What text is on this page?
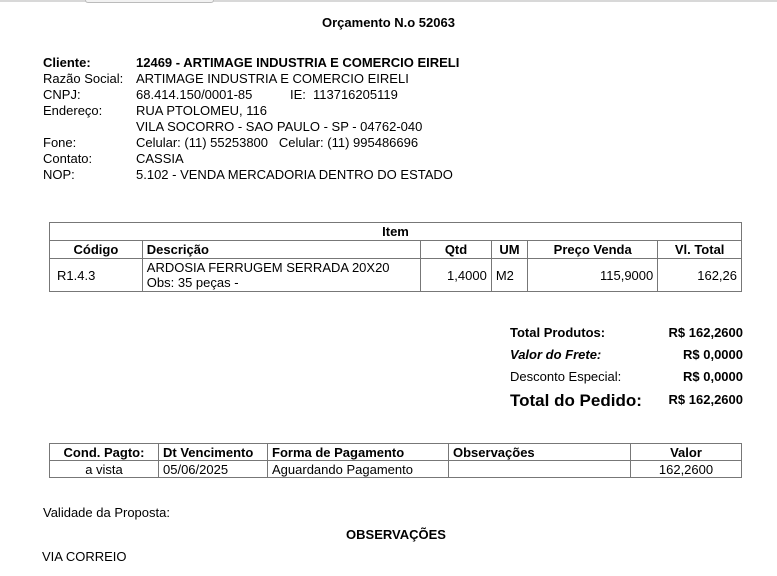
Orçamento N.o 52063
Cliente:	12469 - ARTIMAGE INDUSTRIA E COMERCIO EIRELI
Razão Social: ARTIMAGE INDUSTRIA E COMERCIO EIRELI
CNPJ:	68.414.150/0001-85	IE: 113716205119
Endereço:	RUA PTOLOMEU, 116
VILA SOCORRO - SAO PAULO - SP - 04762-040
Fone:	Celular: (11) 55253800   Celular: (11) 995486696
Contato:	CASSIA
NOP:	5.102 - VENDA MERCADORIA DENTRO DO ESTADO
Item					
Código	Descrição	Qtd	UM	Preço Venda	Vl. Total
R1.4.3	ARDOSIA FERRUGEM SERRADA 20X20
Obs: 35 peças -	1,4000	M2	115,9000	162,26
Total Produtos:	R$ 162,2600
Valor do Frete:	R$ 0,0000
Desconto Especial:	R$ 0,0000
Total do Pedido: R$ 162,2600
Cond. Pagto:	Dt Vencimento	Forma de Pagamento	Observações	Valor
a vista	05/06/2025	Aguardando Pagamento		162,2600
Validade da Proposta:
OBSERVAÇÕES
VIA CORREIO
